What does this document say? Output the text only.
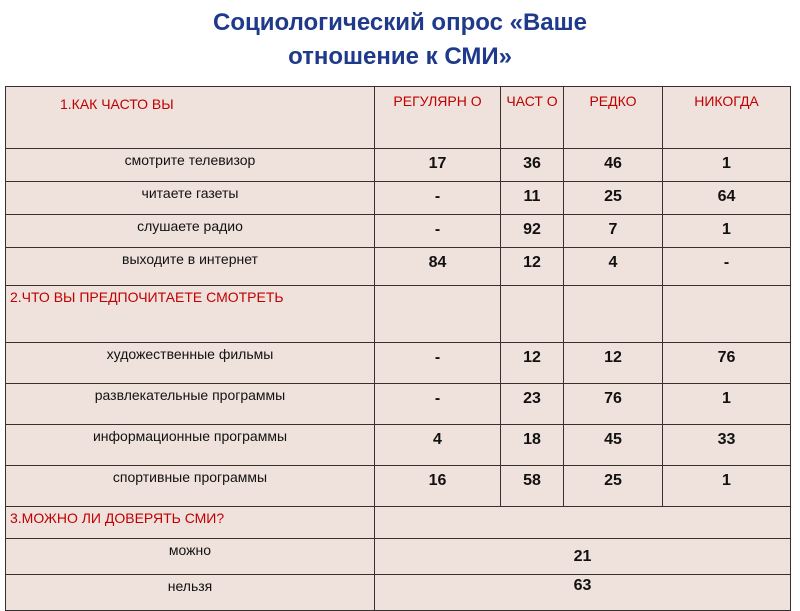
Социологический опрос «Ваше
отношение к СМИ»
1.КАК ЧАСТО ВЫ	РЕГУЛЯРН О	ЧАСТ О	РЕДКО	НИКОГДА
смотрите телевизор	17	36	46	1
читаете газеты	-	11	25	64
слушаете радио	-	92	7	1
выходите в интернет	84	12	4	-
2.ЧТО ВЫ ПРЕДПОЧИТАЕТЕ СМОТРЕТЬ				
художественные фильмы	-	12	12	76
развлекательные программы	-	23	76	1
информационные программы	4	18	45	33
спортивные программы	16	58	25	1
3.МОЖНО ЛИ ДОВЕРЯТЬ СМИ?				
можно	21			
нельзя	63			
